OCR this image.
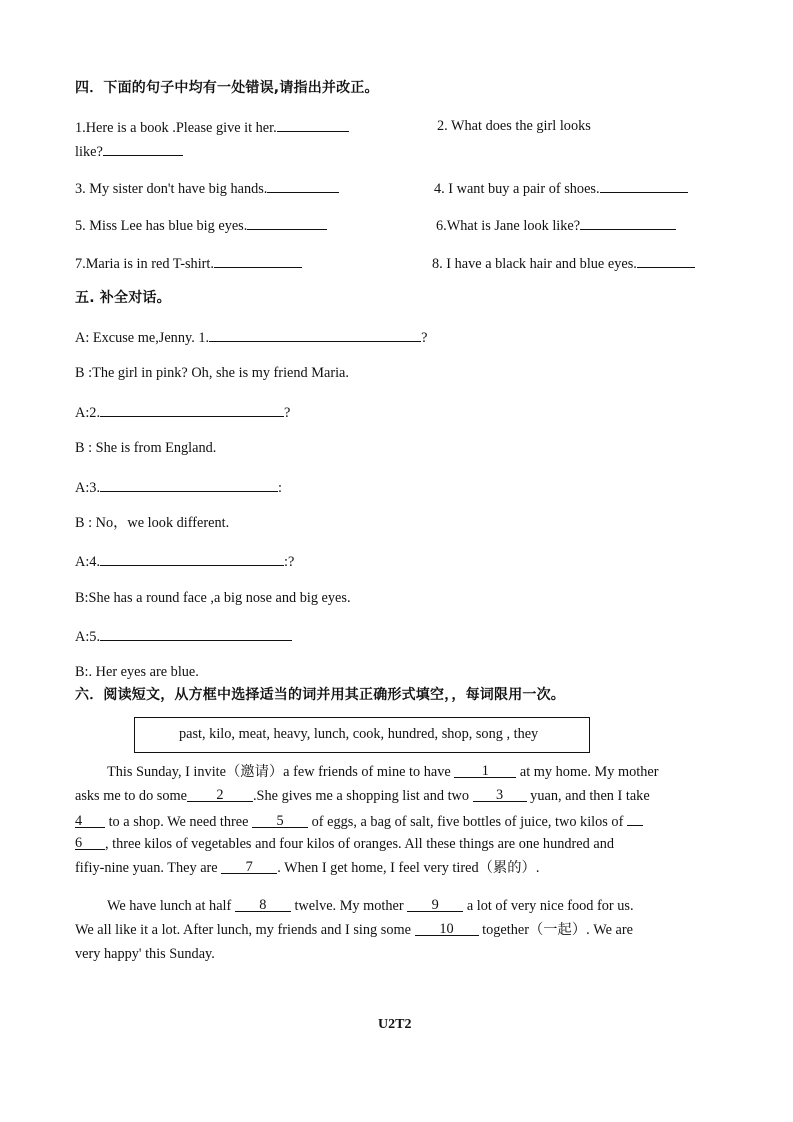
四．下面的句子中均有一处错误,请指出并改正。
1.Here is a book .Please give it her.	2. What does the girl looks
like?
3. My sister don't have big hands.	4. I want buy a pair of shoes.
5. Miss Lee has blue big eyes.	6.What is Jane look like?
7.Maria is in red T-shirt.	8. I have a black hair and blue eyes.
五. 补全对话。
A: Excuse me,Jenny. 1.	?
B :The girl in pink? Oh, she is my friend Maria.
A:2.	?
B : She is from England.
A:3.	:
B : No，we look different.
A:4.	:?
B:She has a round face ,a big nose and big eyes.
A:5.
B:. Her eyes are blue.
六．阅读短文，从方框中选择适当的词并用其正确形式填空，，每词限用一次。
past, kilo, meat, heavy, lunch, cook, hundred, shop, song , they
This Sunday, I invite（邀请）a few friends of mine to have 1 at my home. My mother
asks me to do some 2 .She gives me a shopping list and two 3 yuan, and then I take
4 to a shop. We need three 5 of eggs, a bag of salt, five bottles of juice, two kilos of
6 , three kilos of vegetables and four kilos of oranges. All these things are one hundred and
fifiy-nine yuan. They are 7 . When I get home, I feel very tired（累的）.
We have lunch at half 8 twelve. My mother 9 a lot of very nice food for us.
We all like it a lot. After lunch, my friends and I sing some 10 together（一起）. We are
very happy' this Sunday.
U2T2
